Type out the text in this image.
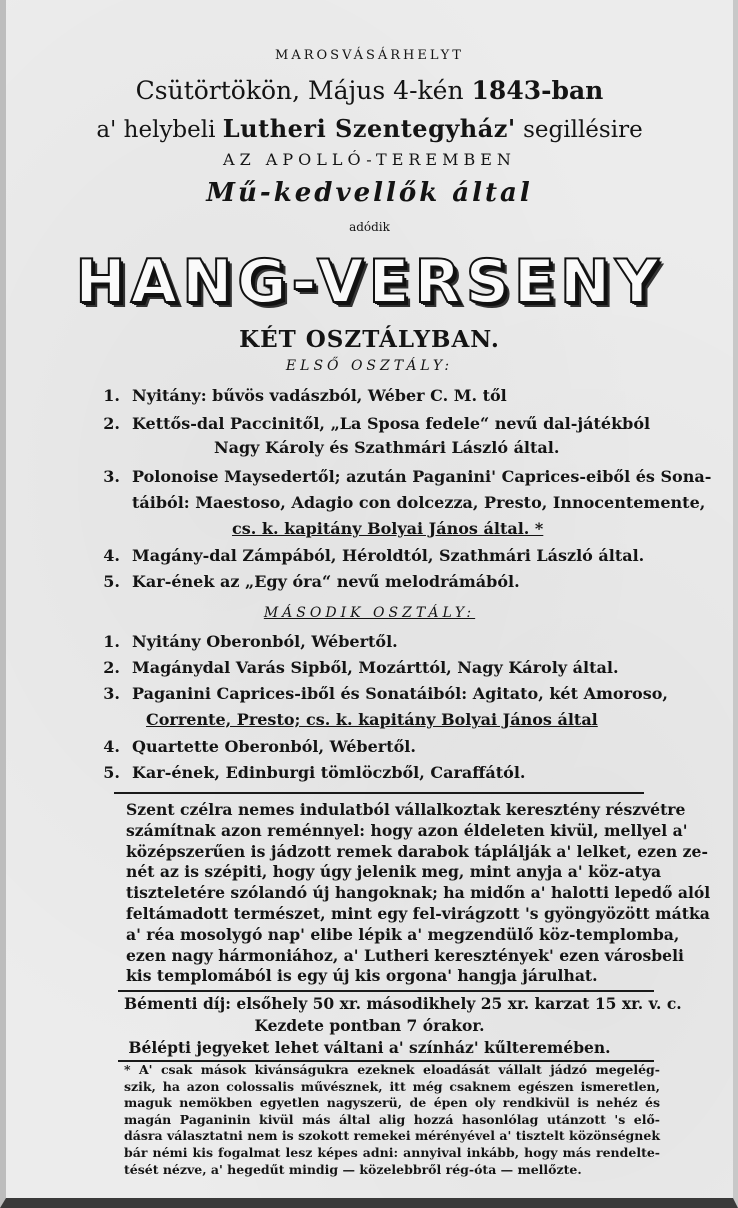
MAROSVÁSÁRHELYT
Csütörtökön, Május 4-kén 1843-ban
a' helybeli Lutheri Szentegyház' segillésire
AZ APOLLÓ-TEREMBEN
Mű-kedvellők által
adódik
HANG-VERSENY
KÉT OSZTÁLYBAN.
ELSŐ OSZTÁLY:
1. Nyitány: bűvös vadászból, Wéber C. M. től
2. Kettős-dal Paccinitől, „La Sposa fedele“ nevű dal-játékból
Nagy Károly és Szathmári László által.
3. Polonoise Maysedertől; azután Paganini' Caprices-eiből és Sona-
táiból: Maestoso, Adagio con dolcezza, Presto, Innocentemente,
cs. k. kapitány Bolyai János által. *
4. Magány-dal Zámpából, Héroldtól, Szathmári László által.
5. Kar-ének az „Egy óra“ nevű melodrámából.
MÁSODIK OSZTÁLY:
1. Nyitány Oberonból, Wébertől.
2. Magánydal Varás Sipből, Mozárttól, Nagy Károly által.
3. Paganini Caprices-iből és Sonatáiból: Agitato, két Amoroso,
Corrente, Presto; cs. k. kapitány Bolyai János által
4. Quartette Oberonból, Wébertől.
5. Kar-ének, Edinburgi tömlöczből, Caraffától.
Szent czélra nemes indulatból vállalkoztak keresztény részvétre
számítnak azon reménnyel: hogy azon éldeleten kivül, mellyel a'
középszerűen is jádzott remek darabok táplálják a' lelket, ezen ze-
nét az is szépiti, hogy úgy jelenik meg, mint anyja a' köz-atya
tiszteletére szólandó új hangoknak; ha midőn a' halotti lepedő alól
feltámadott természet, mint egy fel-virágzott 's gyöngyözött mátka
a' réa mosolygó nap' elibe lépik a' megzendülő köz-templomba,
ezen nagy hármoniához, a' Lutheri keresztények' ezen városbeli
kis templomából is egy új kis orgona' hangja járulhat.
Bémenti díj: elsőhely 50 xr. másodikhely 25 xr. karzat 15 xr. v. c.
Kezdete pontban 7 órakor.
Bélépti jegyeket lehet váltani a' színház' kűlteremében.
* A' csak mások kivánságukra ezeknek eloadását vállalt jádzó megelég-
szik, ha azon colossalis művésznek, itt még csaknem egészen ismeretlen,
maguk nemökben egyetlen nagyszerü, de épen oly rendkivül is nehéz és
magán Paganinin kivül más által alig hozzá hasonlólag utánzott 's elő-
dásra választatni nem is szokott remekei mérényével a' tisztelt közönségnek
bár némi kis fogalmat lesz képes adni: annyival inkább, hogy más rendelte-
tését nézve, a' hegedűt mindig — közelebbről rég-óta — mellőzte.
